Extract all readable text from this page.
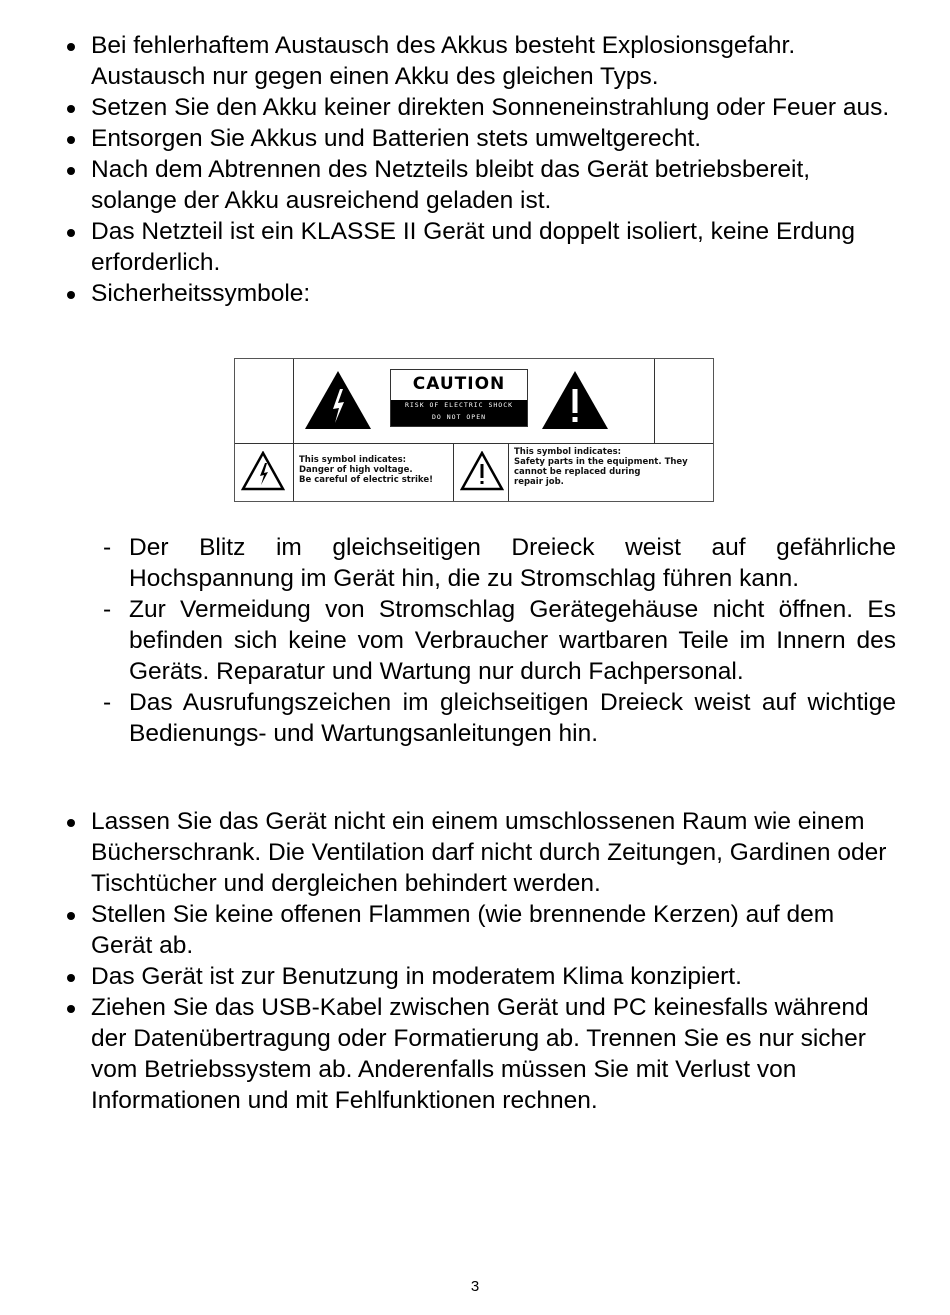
Bei fehlerhaftem Austausch des Akkus besteht Explosionsgefahr. Austausch nur gegen einen Akku des gleichen Typs.
Setzen Sie den Akku keiner direkten Sonneneinstrahlung oder Feuer aus.
Entsorgen Sie Akkus und Batterien stets umweltgerecht.
Nach dem Abtrennen des Netzteils bleibt das Gerät betriebsbereit, solange der Akku ausreichend geladen ist.
Das Netzteil ist ein KLASSE II Gerät und doppelt isoliert, keine Erdung erforderlich.
Sicherheitssymbole:
CAUTION
RISK OF ELECTRIC SHOCK
DO NOT OPEN
This symbol indicates:
Danger of high voltage.
Be careful of electric strike!
This symbol indicates:
Safety parts in the equipment. They
cannot be replaced during
repair job.
- Der Blitz im gleichseitigen Dreieck weist auf gefährliche Hochspannung im Gerät hin, die zu Stromschlag führen kann.
- Zur Vermeidung von Stromschlag Gerätegehäuse nicht öffnen. Es befinden sich keine vom Verbraucher wartbaren Teile im Innern des Geräts. Reparatur und Wartung nur durch Fachpersonal.
- Das Ausrufungszeichen im gleichseitigen Dreieck weist auf wichtige Bedienungs- und Wartungsanleitungen hin.
Lassen Sie das Gerät nicht ein einem umschlossenen Raum wie einem Bücherschrank. Die Ventilation darf nicht durch Zeitungen, Gardinen oder Tischtücher und dergleichen behindert werden.
Stellen Sie keine offenen Flammen (wie brennende Kerzen) auf dem Gerät ab.
Das Gerät ist zur Benutzung in moderatem Klima konzipiert.
Ziehen Sie das USB-Kabel zwischen Gerät und PC keinesfalls während der Datenübertragung oder Formatierung ab. Trennen Sie es nur sicher vom Betriebssystem ab. Anderenfalls müssen Sie mit Verlust von Informationen und mit Fehlfunktionen rechnen.
3
